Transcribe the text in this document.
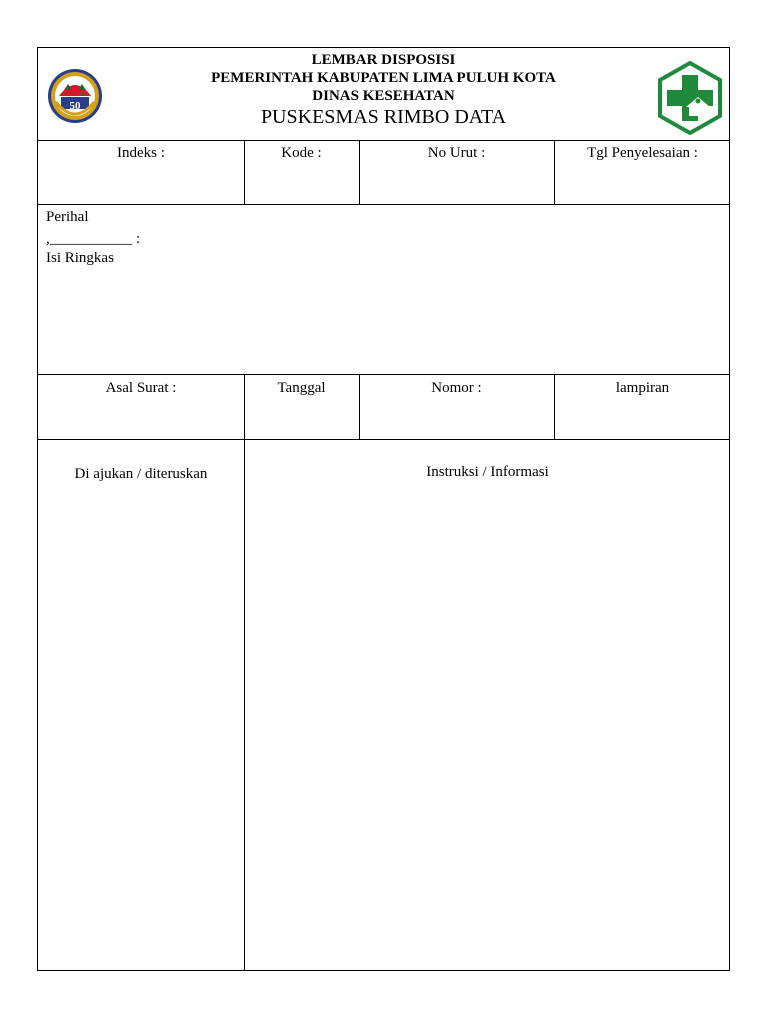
50
LEMBAR DISPOSISI
PEMERINTAH KABUPATEN LIMA PULUH KOTA
DINAS KESEHATAN
PUSKESMAS RIMBO DATA
Indeks :	Kode :	No Urut :	Tgl Penyelesaian :
Perihal
,___________ :
Isi Ringkas
Asal Surat :	Tanggal	Nomor :	lampiran
Di ajukan / diteruskan	Instruksi / Informasi
